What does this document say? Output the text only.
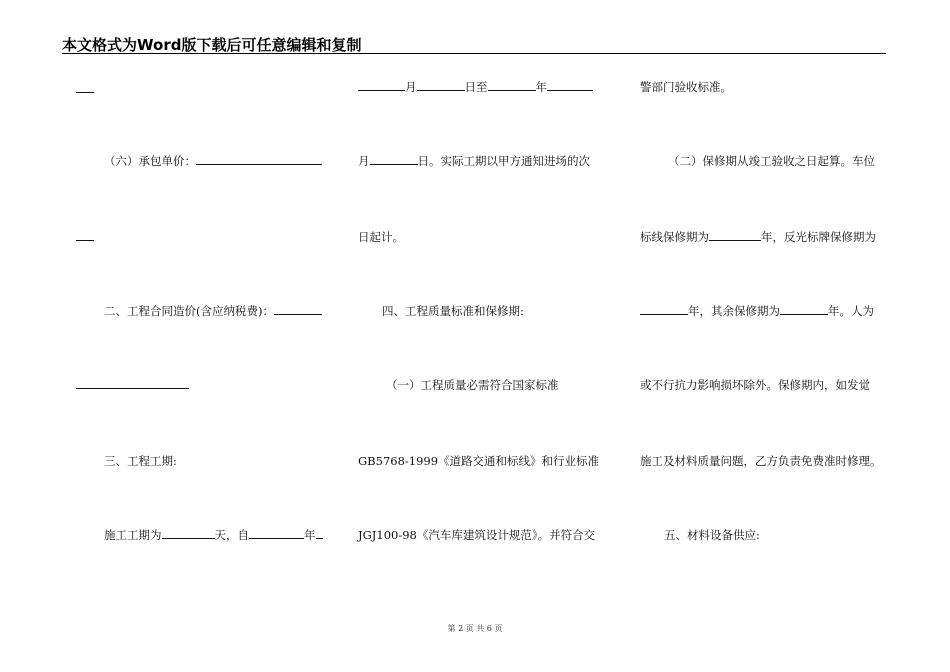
本文格式为Word版下载后可任意编辑和复制
（六）承包单价：
二、工程合同造价(含应纳税费)：
三、工程工期:
施工工期为	天，自	年
月	日至	年
月	日。实际工期以甲方通知进场的次
日起计。
四、工程质量标准和保修期:
（一）工程质量必需符合国家标准
GB5768-1999《道路交通和标线》和行业标准
JGJ100-98《汽车库建筑设计规范》。并符合交
警部门验收标准。
（二）保修期从竣工验收之日起算。车位
标线保修期为	年，反光标牌保修期为
年，其余保修期为	年。人为
或不行抗力影响损坏除外。保修期内，如发觉
施工及材料质量问题，乙方负责免费准时修理。
五、材料设备供应:
第 2 页 共 6 页
